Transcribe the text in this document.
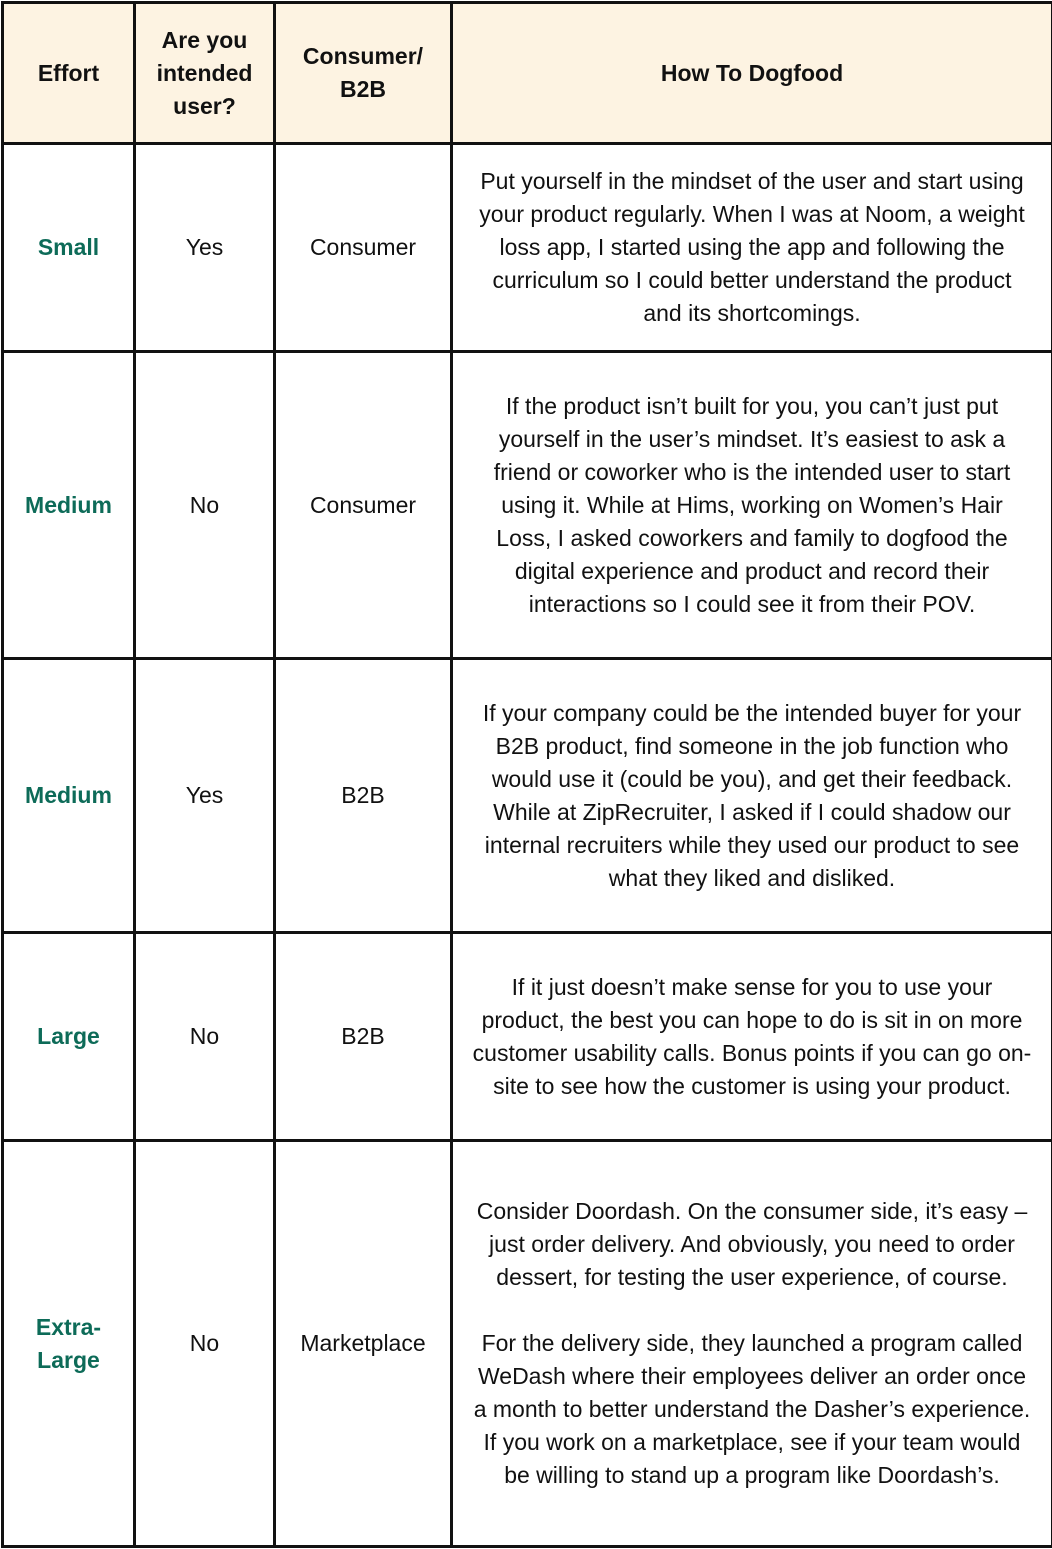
Effort	Are you intended user?	Consumer/ B2B	How To Dogfood
Small	Yes	Consumer	Put yourself in the mindset of the user and start using your product regularly. When I was at Noom, a weight loss app, I started using the app and following the curriculum so I could better understand the product and its shortcomings.

Medium	No	Consumer	If the product isn’t built for you, you can’t just put yourself in the user’s mindset. It’s easiest to ask a friend or coworker who is the intended user to start using it. While at Hims, working on Women’s Hair Loss, I asked coworkers and family to dogfood the digital experience and product and record their interactions so I could see it from their POV.

Medium	Yes	B2B	If your company could be the intended buyer for your B2B product, find someone in the job function who would use it (could be you), and get their feedback. While at ZipRecruiter, I asked if I could shadow our internal recruiters while they used our product to see what they liked and disliked.

Large	No	B2B	If it just doesn’t make sense for you to use your product, the best you can hope to do is sit in on more customer usability calls. Bonus points if you can go on-site to see how the customer is using your product.

Extra-Large	No	Marketplace	Consider Doordash. On the consumer side, it’s easy – just order delivery. And obviously, you need to order dessert, for testing the user experience, of course.

For the delivery side, they launched a program called WeDash where their employees deliver an order once a month to better understand the Dasher’s experience. If you work on a marketplace, see if your team would be willing to stand up a program like Doordash’s.
